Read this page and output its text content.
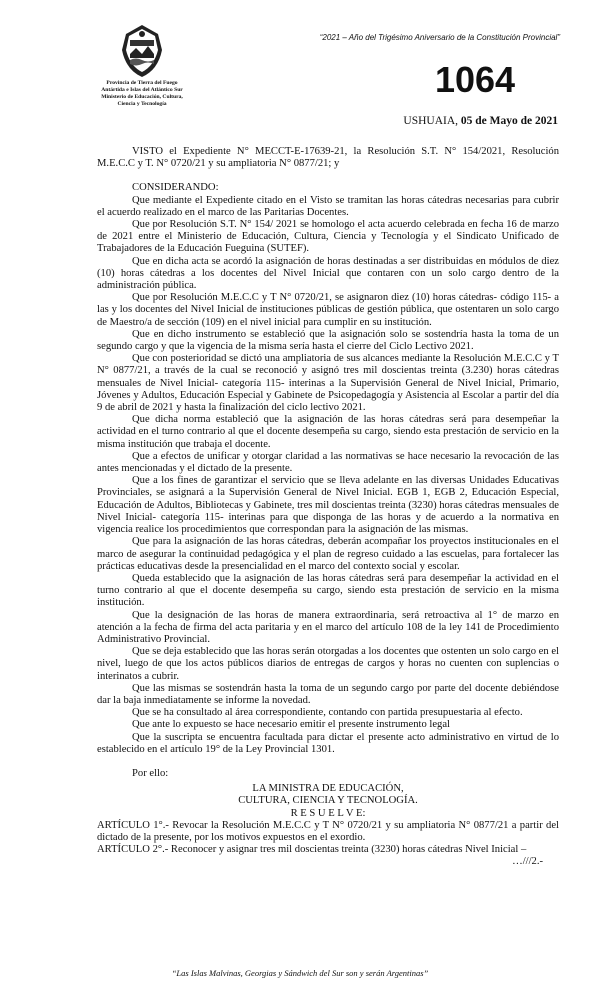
Provincia de Tierra del Fuego
Antártida e Islas del Atlántico Sur
Ministerio de Educación, Cultura,
Ciencia y Tecnología
“2021 – Año del Trigésimo Aniversario de la Constitución Provincial”
1064
USHUAIA, 05 de Mayo de 2021

VISTO el Expediente N° MECCT-E-17639-21, la Resolución S.T. N° 154/2021, Resolución M.E.C.C y T. N° 0720/21 y su ampliatoria N° 0877/21; y

CONSIDERANDO:

Que mediante el Expediente citado en el Visto se tramitan las horas cátedras necesarias para cubrir el acuerdo realizado en el marco de las Paritarias Docentes.

Que por Resolución S.T. N° 154/ 2021 se homologo el acta acuerdo celebrada en fecha 16 de marzo de 2021 entre el Ministerio de Educación, Cultura, Ciencia y Tecnología y el Sindicato Unificado de Trabajadores de la Educación Fueguina (SUTEF).

Que en dicha acta se acordó la asignación de horas destinadas a ser distribuidas en módulos de diez (10) horas cátedras a los docentes del Nivel Inicial que contaren con un solo cargo dentro de la administración pública.

Que por Resolución M.E.C.C y T N° 0720/21, se asignaron diez (10) horas cátedras- código 115- a las y los docentes del Nivel Inicial de instituciones públicas de gestión pública, que ostentaren un solo cargo de Maestro/a de sección (109) en el nivel inicial para cumplir en su institución.

Que en dicho instrumento se estableció que la asignación solo se sostendría hasta la toma de un segundo cargo y que la vigencia de la misma sería hasta el cierre del Ciclo Lectivo 2021.

Que con posterioridad se dictó una ampliatoria de sus alcances mediante la Resolución M.E.C.C y T N° 0877/21, a través de la cual se reconoció y asignó tres mil doscientas treinta (3.230) horas cátedras mensuales de Nivel Inicial- categoría 115- interinas a la Supervisión General de Nivel Inicial, Primario, Jóvenes y Adultos, Educación Especial y Gabinete de Psicopedagogía y Asistencia al Escolar a partir del día 9 de abril de 2021 y hasta la finalización del ciclo lectivo 2021.

Que dicha norma estableció que la asignación de las horas cátedras será para desempeñar la actividad en el turno contrario al que el docente desempeña su cargo, siendo esta prestación de servicio en la misma institución que trabaja el docente.

Que a efectos de unificar y otorgar claridad a las normativas se hace necesario la revocación de las antes mencionadas y el dictado de la presente.

Que a los fines de garantizar el servicio que se lleva adelante en las diversas Unidades Educativas Provinciales, se asignará a la Supervisión General de Nivel Inicial. EGB 1, EGB 2, Educación Especial, Educación de Adultos, Bibliotecas y Gabinete, tres mil doscientas treinta (3230) horas cátedras mensuales de Nivel Inicial- categoría 115- interinas para que disponga de las horas y de acuerdo a la normativa en vigencia realice los procedimientos que correspondan para la asignación de las mismas.

Que para la asignación de las horas cátedras, deberán acompañar los proyectos institucionales en el marco de asegurar la continuidad pedagógica y el plan de regreso cuidado a las escuelas, para fortalecer las prácticas educativas desde la presencialidad en el marco del contexto social y escolar.

Queda establecido que la asignación de las horas cátedras será para desempeñar la actividad en el turno contrario al que el docente desempeña su cargo, siendo esta prestación de servicio en la misma institución.

Que la designación de las horas de manera extraordinaria, será retroactiva al 1° de marzo en atención a la fecha de firma del acta paritaria y en el marco del artículo 108 de la ley 141 de Procedimiento Administrativo Provincial.

Que se deja establecido que las horas serán otorgadas a los docentes que ostenten un solo cargo en el nivel, luego de que los actos públicos diarios de entregas de cargos y horas no cuenten con suplencias o interinatos a cubrir.

Que las mismas se sostendrán hasta la toma de un segundo cargo por parte del docente debiéndose dar la baja inmediatamente se informe la novedad.

Que se ha consultado al área correspondiente, contando con partida presupuestaria al efecto.

Que ante lo expuesto se hace necesario emitir el presente instrumento legal

Que la suscripta se encuentra facultada para dictar el presente acto administrativo en virtud de lo establecido en el artículo 19° de la Ley Provincial 1301.

Por ello:

LA MINISTRA DE EDUCACIÓN,

CULTURA, CIENCIA Y TECNOLOGÍA.

R E S U E L V E:

ARTÍCULO 1°.- Revocar la Resolución M.E.C.C y T N° 0720/21 y su ampliatoria N° 0877/21 a partir del dictado de la presente, por los motivos expuestos en el exordio.

ARTÍCULO 2°.- Reconocer y asignar tres mil doscientas treinta (3230) horas cátedras Nivel Inicial –

…///2.-

“Las Islas Malvinas, Georgias y Sándwich del Sur son y serán Argentinas”
